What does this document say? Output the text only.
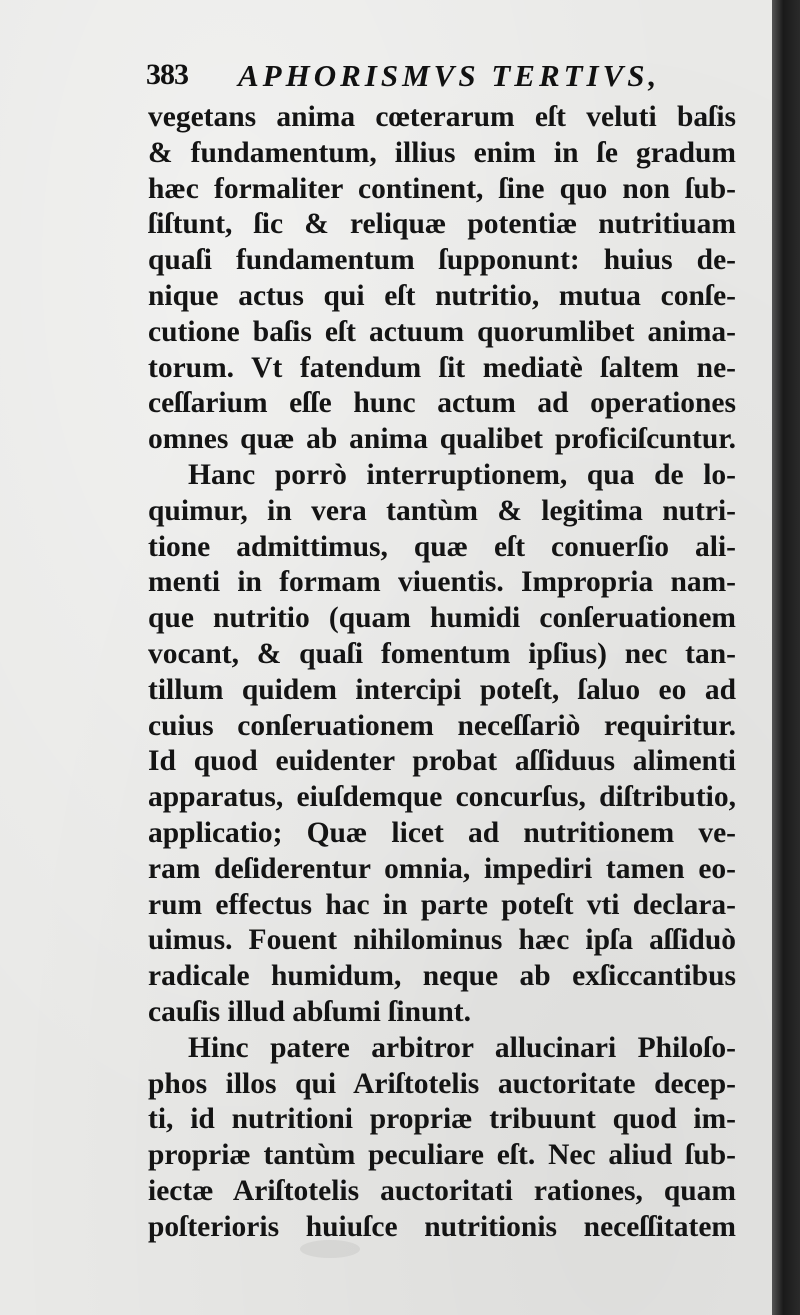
383 APHORISMVS TERTIVS,
vegetans anima cœterarum eſt veluti baſis
& fundamentum, illius enim in ſe gradum
hæc formaliter continent, ſine quo non ſub-
ſiſtunt, ſic & reliquæ potentiæ nutritiuam
quaſi fundamentum ſupponunt: huius de-
nique actus qui eſt nutritio, mutua conſe-
cutione baſis eſt actuum quorumlibet anima-
torum. Vt fatendum ſit mediatè ſaltem ne-
ceſſarium eſſe hunc actum ad operationes
omnes quæ ab anima qualibet proficiſcuntur.
Hanc porrò interruptionem, qua de lo-
quimur, in vera tantùm & legitima nutri-
tione admittimus, quæ eſt conuerſio ali-
menti in formam viuentis. Impropria nam-
que nutritio (quam humidi conſeruationem
vocant, & quaſi fomentum ipſius) nec tan-
tillum quidem intercipi poteſt, ſaluo eo ad
cuius conſeruationem neceſſariò requiritur.
Id quod euidenter probat aſſiduus alimenti
apparatus, eiuſdemque concurſus, diſtributio,
applicatio; Quæ licet ad nutritionem ve-
ram deſiderentur omnia, impediri tamen eo-
rum effectus hac in parte poteſt vti declara-
uimus. Fouent nihilominus hæc ipſa aſſiduò
radicale humidum, neque ab exſiccantibus
cauſis illud abſumi ſinunt.
Hinc patere arbitror allucinari Philoſo-
phos illos qui Ariſtotelis auctoritate decep-
ti, id nutritioni propriæ tribuunt quod im-
propriæ tantùm peculiare eſt. Nec aliud ſub-
iectæ Ariſtotelis auctoritati rationes, quam
poſterioris huiuſce nutritionis neceſſitatem
